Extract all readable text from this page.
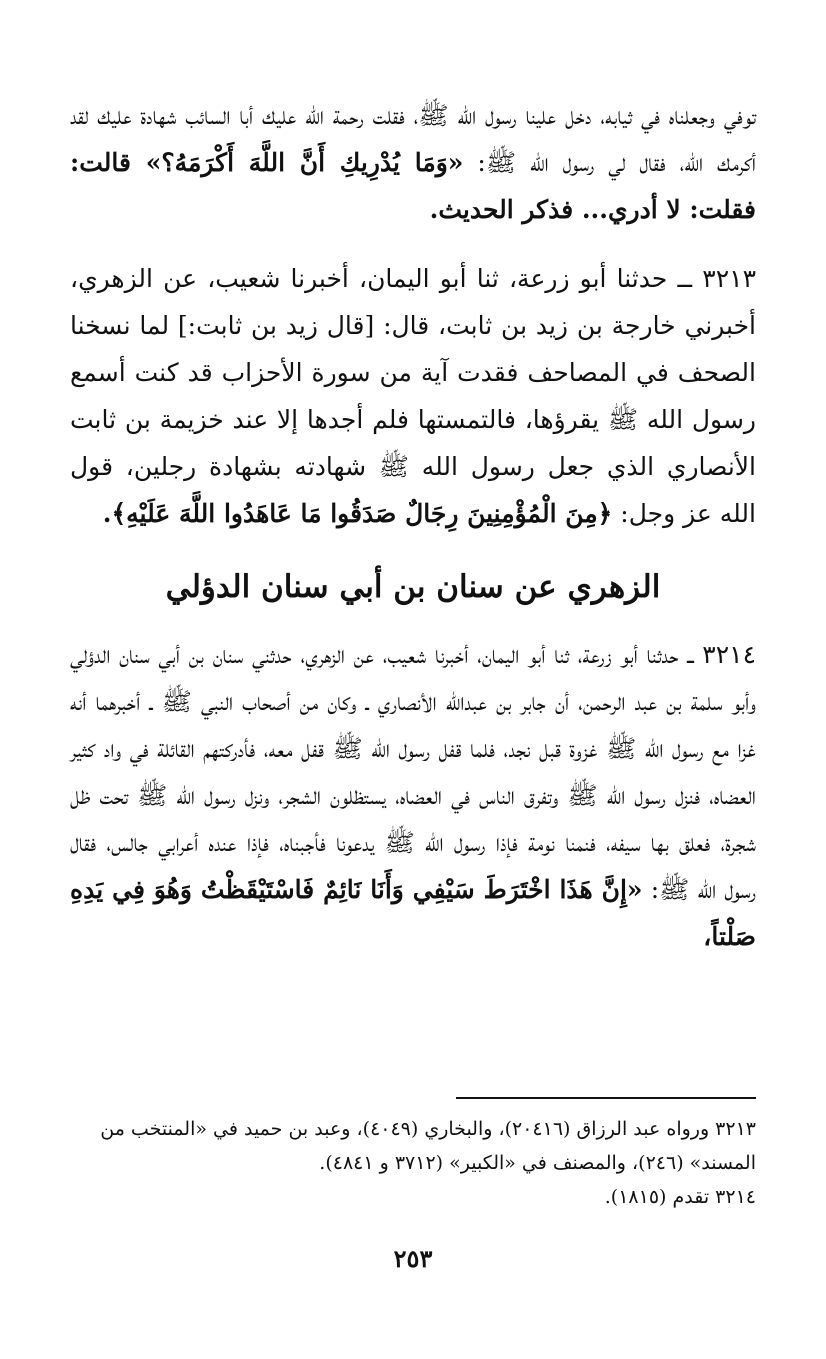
توفي وجعلناه في ثيابه، دخل علينا رسول الله ﷺ، فقلت رحمة الله عليك أبا السائب شهادة عليك لقد أكرمك الله، فقال لي رسول الله ﷺ: «وَمَا يُدْرِيكِ أَنَّ اللَّهَ أَكْرَمَهُ؟» قالت: فقلت: لا أدري... فذكر الحديث.

٣٢١٣ ــ حدثنا أبو زرعة، ثنا أبو اليمان، أخبرنا شعيب، عن الزهري، أخبرني خارجة بن زيد بن ثابت، قال: [قال زيد بن ثابت:] لما نسخنا الصحف في المصاحف فقدت آية من سورة الأحزاب قد كنت أسمع رسول الله ﷺ يقرؤها، فالتمستها فلم أجدها إلا عند خزيمة بن ثابت الأنصاري الذي جعل رسول الله ﷺ شهادته بشهادة رجلين، قول الله عز وجل: ﴿مِنَ الْمُؤْمِنِينَ رِجَالٌ صَدَقُوا مَا عَاهَدُوا اللَّهَ عَلَيْهِ﴾.

الزهري عن سنان بن أبي سنان الدؤلي

٣٢١٤ ــ حدثنا أبو زرعة، ثنا أبو اليمان، أخبرنا شعيب، عن الزهري، حدثني سنان بن أبي سنان الدؤلي وأبو سلمة بن عبد الرحمن، أن جابر بن عبدالله الأنصاري ـ وكان من أصحاب النبي ﷺ ـ أخبرهما أنه غزا مع رسول الله ﷺ غزوة قبل نجد، فلما قفل رسول الله ﷺ قفل معه، فأدركتهم القائلة في واد كثير العضاه، فنزل رسول الله ﷺ وتفرق الناس في العضاه، يستظلون الشجر، ونزل رسول الله ﷺ تحت ظل شجرة، فعلق بها سيفه، فنمنا نومة فإذا رسول الله ﷺ يدعونا فأجبناه، فإذا عنده أعرابي جالس، فقال رسول الله ﷺ: «إِنَّ هَذَا اخْتَرَطَ سَيْفِي وَأَنَا نَائِمٌ فَاسْتَيْقَظْتُ وَهُوَ فِي يَدِهِ صَلْتاً،

٣٢١٣ ورواه عبد الرزاق (٢٠٤١٦)، والبخاري (٤٠٤٩)، وعبد بن حميد في «المنتخب من المسند» (٢٤٦)، والمصنف في «الكبير» (٣٧١٢ و ٤٨٤١).

٣٢١٤ تقدم (١٨١٥).

٢٥٣
